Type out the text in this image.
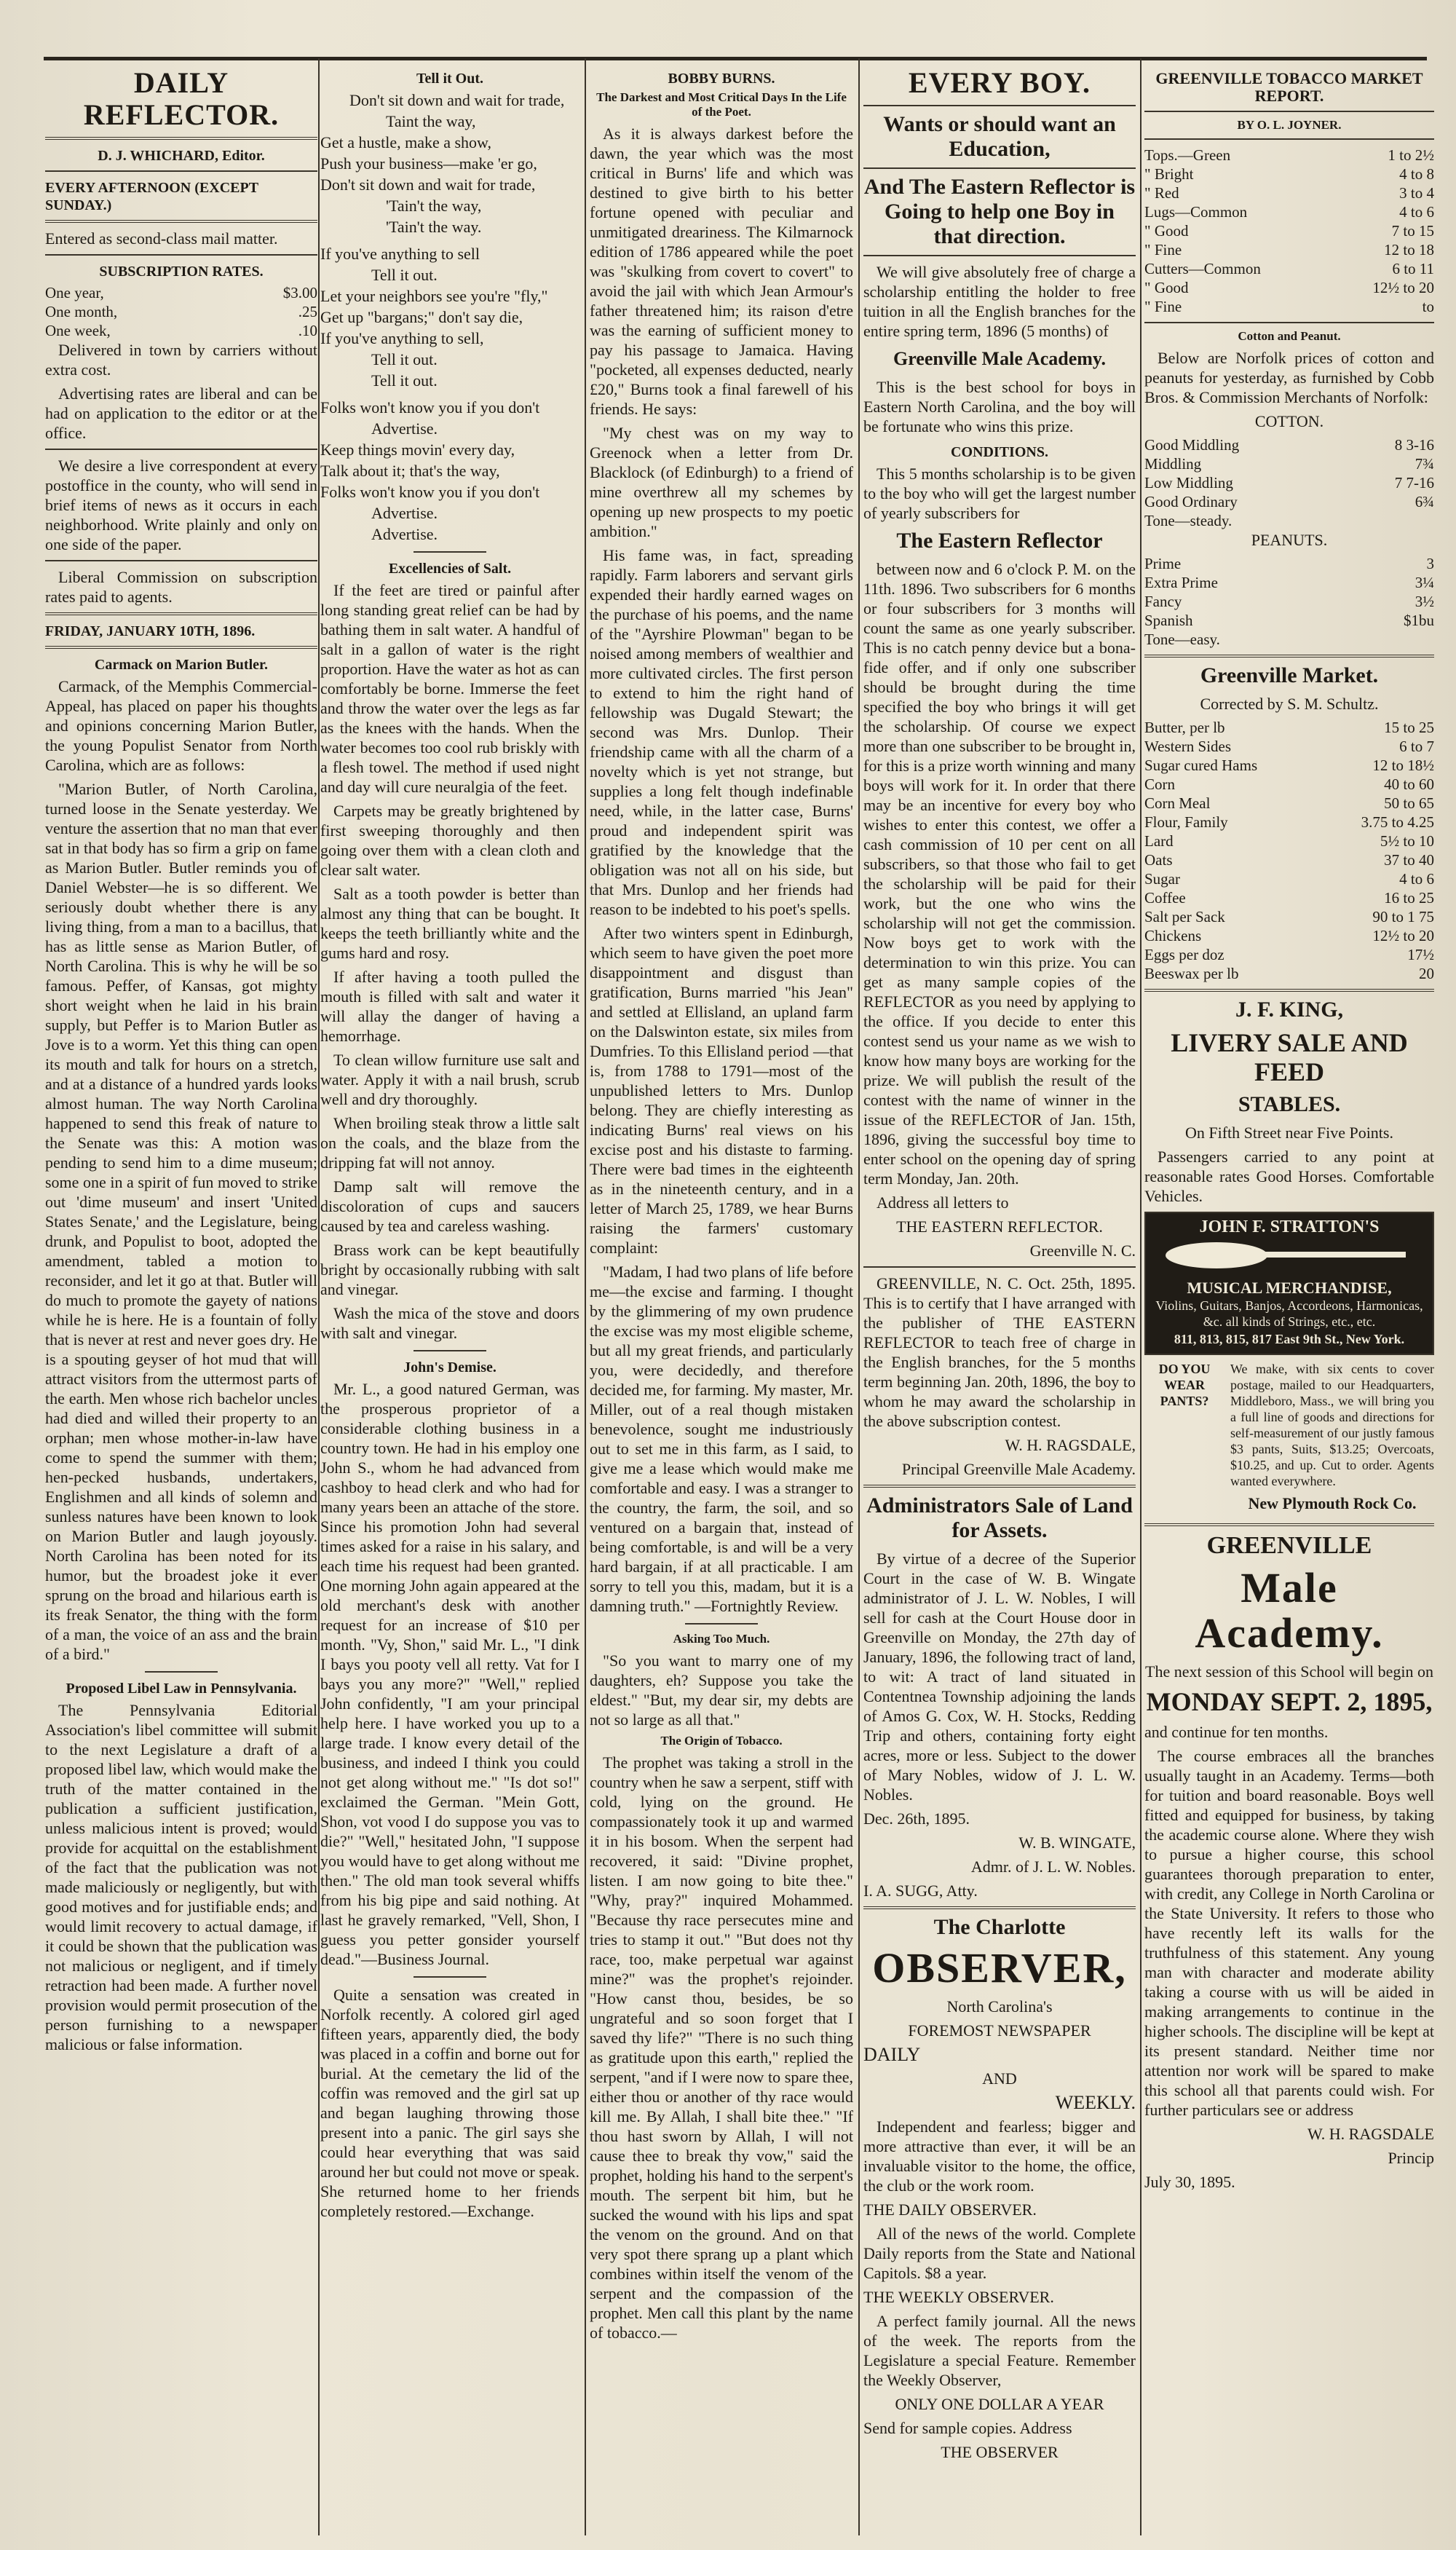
DAILY REFLECTOR.
D. J. WHICHARD, Editor.
EVERY AFTERNOON (EXCEPT SUNDAY.)

Entered as second-class mail matter.

SUBSCRIPTION RATES.
One year,	$3.00
One month,	.25
One week,	.10

Delivered in town by carriers without extra cost.

Advertising rates are liberal and can be had on application to the editor or at the office.

We desire a live correspondent at every postoffice in the county, who will send in brief items of news as it occurs in each neighborhood. Write plainly and only on one side of the paper.

Liberal Commission on subscription rates paid to agents.

FRIDAY, JANUARY 10TH, 1896.
Carmack on Marion Butler.

Carmack, of the Memphis Commercial-Appeal, has placed on paper his thoughts and opinions concerning Marion Butler, the young Populist Senator from North Carolina, which are as follows:

"Marion Butler, of North Carolina, turned loose in the Senate yesterday. We venture the assertion that no man that ever sat in that body has so firm a grip on fame as Marion Butler. Butler reminds you of Daniel Webster—he is so different. We seriously doubt whether there is any living thing, from a man to a bacillus, that has as little sense as Marion Butler, of North Carolina. This is why he will be so famous. Peffer, of Kansas, got mighty short weight when he laid in his brain supply, but Peffer is to Marion Butler as Jove is to a worm. Yet this thing can open its mouth and talk for hours on a stretch, and at a distance of a hundred yards looks almost human. The way North Carolina happened to send this freak of nature to the Senate was this: A motion was pending to send him to a dime museum; some one in a spirit of fun moved to strike out 'dime museum' and insert 'United States Senate,' and the Legislature, being drunk, and Populist to boot, adopted the amendment, tabled a motion to reconsider, and let it go at that. Butler will do much to promote the gayety of nations while he is here. He is a fountain of folly that is never at rest and never goes dry. He is a spouting geyser of hot mud that will attract visitors from the uttermost parts of the earth. Men whose rich bachelor uncles had died and willed their property to an orphan; men whose mother-in-law have come to spend the summer with them; hen-pecked husbands, undertakers, Englishmen and all kinds of solemn and sunless natures have been known to look on Marion Butler and laugh joyously. North Carolina has been noted for its humor, but the broadest joke it ever sprung on the broad and hilarious earth is its freak Senator, the thing with the form of a man, the voice of an ass and the brain of a bird."

Proposed Libel Law in Pennsylvania.

The Pennsylvania Editorial Association's libel committee will submit to the next Legislature a draft of a proposed libel law, which would make the truth of the matter contained in the publication a sufficient justification, unless malicious intent is proved; would provide for acquittal on the establishment of the fact that the publication was not made maliciously or negligently, but with good motives and for justifiable ends; and would limit recovery to actual damage, if it could be shown that the publication was not malicious or negligent, and if timely retraction had been made. A further novel provision would permit prosecution of the person furnishing to a newspaper malicious or false information.

Tell it Out.

Don't sit down and wait for trade,

Taint the way,

Get a hustle, make a show,

Push your business—make 'er go,

Don't sit down and wait for trade,

'Tain't the way,

'Tain't the way.

If you've anything to sell

Tell it out.

Let your neighbors see you're "fly,"

Get up "bargans;" don't say die,

If you've anything to sell,

Tell it out.

Tell it out.

Folks won't know you if you don't

Advertise.

Keep things movin' every day,

Talk about it; that's the way,

Folks won't know you if you don't

Advertise.

Advertise.

Excellencies of Salt.

If the feet are tired or painful after long standing great relief can be had by bathing them in salt water. A handful of salt in a gallon of water is the right proportion. Have the water as hot as can comfortably be borne. Immerse the feet and throw the water over the legs as far as the knees with the hands. When the water becomes too cool rub briskly with a flesh towel. The method if used night and day will cure neuralgia of the feet.

Carpets may be greatly brightened by first sweeping thoroughly and then going over them with a clean cloth and clear salt water.

Salt as a tooth powder is better than almost any thing that can be bought. It keeps the teeth brilliantly white and the gums hard and rosy.

If after having a tooth pulled the mouth is filled with salt and water it will allay the danger of having a hemorrhage.

To clean willow furniture use salt and water. Apply it with a nail brush, scrub well and dry thoroughly.

When broiling steak throw a little salt on the coals, and the blaze from the dripping fat will not annoy.

Damp salt will remove the discoloration of cups and saucers caused by tea and careless washing.

Brass work can be kept beautifully bright by occasionally rubbing with salt and vinegar.

Wash the mica of the stove and doors with salt and vinegar.

John's Demise.

Mr. L., a good natured German, was the prosperous proprietor of a considerable clothing business in a country town. He had in his employ one John S., whom he had advanced from cashboy to head clerk and who had for many years been an attache of the store. Since his promotion John had several times asked for a raise in his salary, and each time his request had been granted. One morning John again appeared at the old merchant's desk with another request for an increase of $10 per month. "Vy, Shon," said Mr. L., "I dink I bays you pooty vell all retty. Vat for I bays you any more?" "Well," replied John confidently, "I am your principal help here. I have worked you up to a large trade. I know every detail of the business, and indeed I think you could not get along without me." "Is dot so!" exclaimed the German. "Mein Gott, Shon, vot vood I do suppose you vas to die?" "Well," hesitated John, "I suppose you would have to get along without me then." The old man took several whiffs from his big pipe and said nothing. At last he gravely remarked, "Vell, Shon, I guess you petter gonsider yourself dead."—Business Journal.

Quite a sensation was created in Norfolk recently. A colored girl aged fifteen years, apparently died, the body was placed in a coffin and borne out for burial. At the cemetary the lid of the coffin was removed and the girl sat up and began laughing throwing those present into a panic. The girl says she could hear everything that was said around her but could not move or speak. She returned home to her friends completely restored.—Exchange.

BOBBY BURNS.
The Darkest and Most Critical Days In the Life of the Poet.

As it is always darkest before the dawn, the year which was the most critical in Burns' life and which was destined to give birth to his better fortune opened with peculiar and unmitigated dreariness. The Kilmarnock edition of 1786 appeared while the poet was "skulking from covert to covert" to avoid the jail with which Jean Armour's father threatened him; its raison d'etre was the earning of sufficient money to pay his passage to Jamaica. Having "pocketed, all expenses deducted, nearly £20," Burns took a final farewell of his friends. He says:

"My chest was on my way to Greenock when a letter from Dr. Blacklock (of Edinburgh) to a friend of mine overthrew all my schemes by opening up new prospects to my poetic ambition."

His fame was, in fact, spreading rapidly. Farm laborers and servant girls expended their hardly earned wages on the purchase of his poems, and the name of the "Ayrshire Plowman" began to be noised among members of wealthier and more cultivated circles. The first person to extend to him the right hand of fellowship was Dugald Stewart; the second was Mrs. Dunlop. Their friendship came with all the charm of a novelty which is yet not strange, but supplies a long felt though indefinable need, while, in the latter case, Burns' proud and independent spirit was gratified by the knowledge that the obligation was not all on his side, but that Mrs. Dunlop and her friends had reason to be indebted to his poet's spells.

After two winters spent in Edinburgh, which seem to have given the poet more disappointment and disgust than gratification, Burns married "his Jean" and settled at Ellisland, an upland farm on the Dalswinton estate, six miles from Dumfries. To this Ellisland period —that is, from 1788 to 1791—most of the unpublished letters to Mrs. Dunlop belong. They are chiefly interesting as indicating Burns' real views on his excise post and his distaste to farming. There were bad times in the eighteenth as in the nineteenth century, and in a letter of March 25, 1789, we hear Burns raising the farmers' customary complaint:

"Madam, I had two plans of life before me—the excise and farming. I thought by the glimmering of my own prudence the excise was my most eligible scheme, but all my great friends, and particularly you, were decidedly, and therefore decided me, for farming. My master, Mr. Miller, out of a real though mistaken benevolence, sought me industriously out to set me in this farm, as I said, to give me a lease which would make me comfortable and easy. I was a stranger to the country, the farm, the soil, and so ventured on a bargain that, instead of being comfortable, is and will be a very hard bargain, if at all practicable. I am sorry to tell you this, madam, but it is a damning truth." —Fortnightly Review.

Asking Too Much.

"So you want to marry one of my daughters, eh? Suppose you take the eldest." "But, my dear sir, my debts are not so large as all that."

The Origin of Tobacco.

The prophet was taking a stroll in the country when he saw a serpent, stiff with cold, lying on the ground. He compassionately took it up and warmed it in his bosom. When the serpent had recovered, it said: "Divine prophet, listen. I am now going to bite thee." "Why, pray?" inquired Mohammed. "Because thy race persecutes mine and tries to stamp it out." "But does not thy race, too, make perpetual war against mine?" was the prophet's rejoinder. "How canst thou, besides, be so ungrateful and so soon forget that I saved thy life?" "There is no such thing as gratitude upon this earth," replied the serpent, "and if I were now to spare thee, either thou or another of thy race would kill me. By Allah, I shall bite thee." "If thou hast sworn by Allah, I will not cause thee to break thy vow," said the prophet, holding his hand to the serpent's mouth. The serpent bit him, but he sucked the wound with his lips and spat the venom on the ground. And on that very spot there sprang up a plant which combines within itself the venom of the serpent and the compassion of the prophet. Men call this plant by the name of tobacco.—

EVERY BOY.
Wants or should want an Education,
And The Eastern Reflector is Going to help one Boy in that direction.

We will give absolutely free of charge a scholarship entitling the holder to free tuition in all the English branches for the entire spring term, 1896 (5 months) of

Greenville Male Academy.

This is the best school for boys in Eastern North Carolina, and the boy will be fortunate who wins this prize.

CONDITIONS.

This 5 months scholarship is to be given to the boy who will get the largest number of yearly subscribers for

The Eastern Reflector

between now and 6 o'clock P. M. on the 11th. 1896. Two subscribers for 6 months or four subscribers for 3 months will count the same as one yearly subscriber. This is no catch penny device but a bona-fide offer, and if only one subscriber should be brought during the time specified the boy who brings it will get the scholarship. Of course we expect more than one subscriber to be brought in, for this is a prize worth winning and many boys will work for it. In order that there may be an incentive for every boy who wishes to enter this contest, we offer a cash commission of 10 per cent on all subscribers, so that those who fail to get the scholarship will be paid for their work, but the one who wins the scholarship will not get the commission. Now boys get to work with the determination to win this prize. You can get as many sample copies of the REFLECTOR as you need by applying to the office. If you decide to enter this contest send us your name as we wish to know how many boys are working for the prize. We will publish the result of the contest with the name of winner in the issue of the REFLECTOR of Jan. 15th, 1896, giving the successful boy time to enter school on the opening day of spring term Monday, Jan. 20th.

Address all letters to

THE EASTERN REFLECTOR.

Greenville N. C.

GREENVILLE, N. C. Oct. 25th, 1895. This is to certify that I have arranged with the publisher of THE EASTERN REFLECTOR to teach free of charge in the English branches, for the 5 months term beginning Jan. 20th, 1896, the boy to whom he may award the scholarship in the above subscription contest.

W. H. RAGSDALE,

Principal Greenville Male Academy.

Administrators Sale of Land for Assets.

By virtue of a decree of the Superior Court in the case of W. B. Wingate administrator of J. L. W. Nobles, I will sell for cash at the Court House door in Greenville on Monday, the 27th day of January, 1896, the following tract of land, to wit: A tract of land situated in Contentnea Township adjoining the lands of Amos G. Cox, W. H. Stocks, Redding Trip and others, containing forty eight acres, more or less. Subject to the dower of Mary Nobles, widow of J. L. W. Nobles.

Dec. 26th, 1895.

W. B. WINGATE,

Admr. of J. L. W. Nobles.

I. A. SUGG, Atty.

The Charlotte
OBSERVER,

North Carolina's

FOREMOST NEWSPAPER

DAILY

AND

WEEKLY.

Independent and fearless; bigger and more attractive than ever, it will be an invaluable visitor to the home, the office, the club or the work room.

THE DAILY OBSERVER.

All of the news of the world. Complete Daily reports from the State and National Capitols. $8 a year.

THE WEEKLY OBSERVER.

A perfect family journal. All the news of the week. The reports from the Legislature a special Feature. Remember the Weekly Observer,

ONLY ONE DOLLAR A YEAR

Send for sample copies. Address

THE OBSERVER

GREENVILLE TOBACCO MARKET REPORT.
BY O. L. JOYNER.
Tops.—Green	1 to 2½
" Bright	4 to 8
" Red	3 to 4
Lugs—Common	4 to 6
" Good	7 to 15
" Fine	12 to 18
Cutters—Common	6 to 11
" Good	12½ to 20
" Fine	to
Cotton and Peanut.

Below are Norfolk prices of cotton and peanuts for yesterday, as furnished by Cobb Bros. & Commission Merchants of Norfolk:

COTTON.

Good Middling	8 3-16
Middling	7¾
Low Middling	7 7-16
Good Ordinary	6¾
Tone—steady.

PEANUTS.

Prime	3
Extra Prime	3¼
Fancy	3½
Spanish	$1bu
Tone—easy.
Greenville Market.

Corrected by S. M. Schultz.

Butter, per lb	15 to 25
Western Sides	6 to 7
Sugar cured Hams	12 to 18½
Corn	40 to 60
Corn Meal	50 to 65
Flour, Family	3.75 to 4.25
Lard	5½ to 10
Oats	37 to 40
Sugar	4 to 6
Coffee	16 to 25
Salt per Sack	90 to 1 75
Chickens	12½ to 20
Eggs per doz	17½
Beeswax per lb	20
J. F. KING,
LIVERY SALE AND FEED
STABLES.

On Fifth Street near Five Points.

Passengers carried to any point at reasonable rates Good Horses. Comfortable Vehicles.

JOHN F. STRATTON'S
MUSICAL MERCHANDISE,
Violins, Guitars, Banjos, Accordeons, Harmonicas, &c. all kinds of Strings, etc., etc.
811, 813, 815, 817 East 9th St., New York.
DO YOU WEAR PANTS?

We make, with six cents to cover postage, mailed to our Headquarters, Middleboro, Mass., we will bring you a full line of goods and directions for self-measurement of our justly famous $3 pants, Suits, $13.25; Overcoats, $10.25, and up. Cut to order. Agents wanted everywhere.

New Plymouth Rock Co.

GREENVILLE
Male Academy.

The next session of this School will begin on

MONDAY SEPT. 2, 1895,

and continue for ten months.

The course embraces all the branches usually taught in an Academy. Terms—both for tuition and board reasonable. Boys well fitted and equipped for business, by taking the academic course alone. Where they wish to pursue a higher course, this school guarantees thorough preparation to enter, with credit, any College in North Carolina or the State University. It refers to those who have recently left its walls for the truthfulness of this statement. Any young man with character and moderate ability taking a course with us will be aided in making arrangements to continue in the higher schools. The discipline will be kept at its present standard. Neither time nor attention nor work will be spared to make this school all that parents could wish. For further particulars see or address

W. H. RAGSDALE

Princip

July 30, 1895.
